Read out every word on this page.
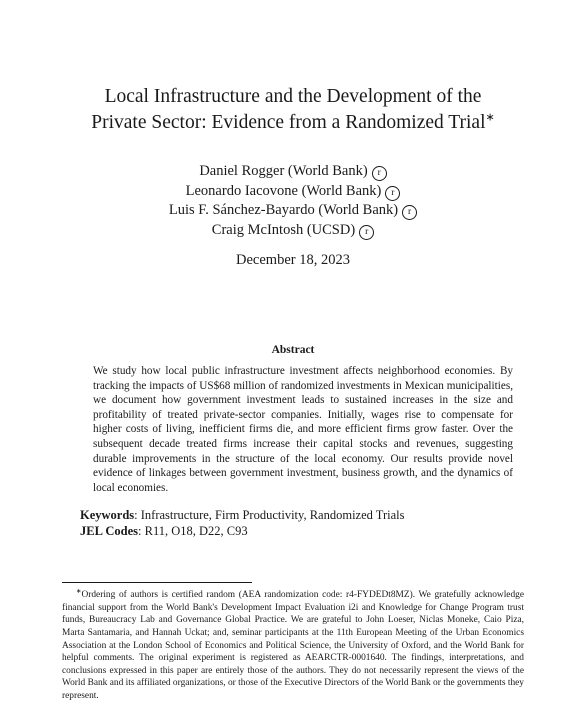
Local Infrastructure and the Development of the
Private Sector: Evidence from a Randomized Trial∗
Daniel Rogger (World Bank) r
Leonardo Iacovone (World Bank) r
Luis F. Sánchez-Bayardo (World Bank) r
Craig McIntosh (UCSD) r
December 18, 2023
Abstract
We study how local public infrastructure investment affects neighborhood economies. By tracking the impacts of US$68 million of randomized investments in Mexican municipalities, we document how government investment leads to sustained increases in the size and profitability of treated private-sector companies. Initially, wages rise to compensate for higher costs of living, inefficient firms die, and more efficient firms grow faster. Over the subsequent decade treated firms increase their capital stocks and revenues, suggesting durable improvements in the structure of the local economy. Our results provide novel evidence of linkages between government investment, business growth, and the dynamics of local economies.
Keywords: Infrastructure, Firm Productivity, Randomized Trials
JEL Codes: R11, O18, D22, C93
∗Ordering of authors is certified random (AEA randomization code: r4-FYDEDt8MZ). We gratefully acknowledge financial support from the World Bank's Development Impact Evaluation i2i and Knowledge for Change Program trust funds, Bureaucracy Lab and Governance Global Practice. We are grateful to John Loeser, Niclas Moneke, Caio Piza, Marta Santamaria, and Hannah Uckat; and, seminar participants at the 11th European Meeting of the Urban Economics Association at the London School of Economics and Political Science, the University of Oxford, and the World Bank for helpful comments. The original experiment is registered as AEARCTR-0001640. The findings, interpretations, and conclusions expressed in this paper are entirely those of the authors. They do not necessarily represent the views of the World Bank and its affiliated organizations, or those of the Executive Directors of the World Bank or the governments they represent.
